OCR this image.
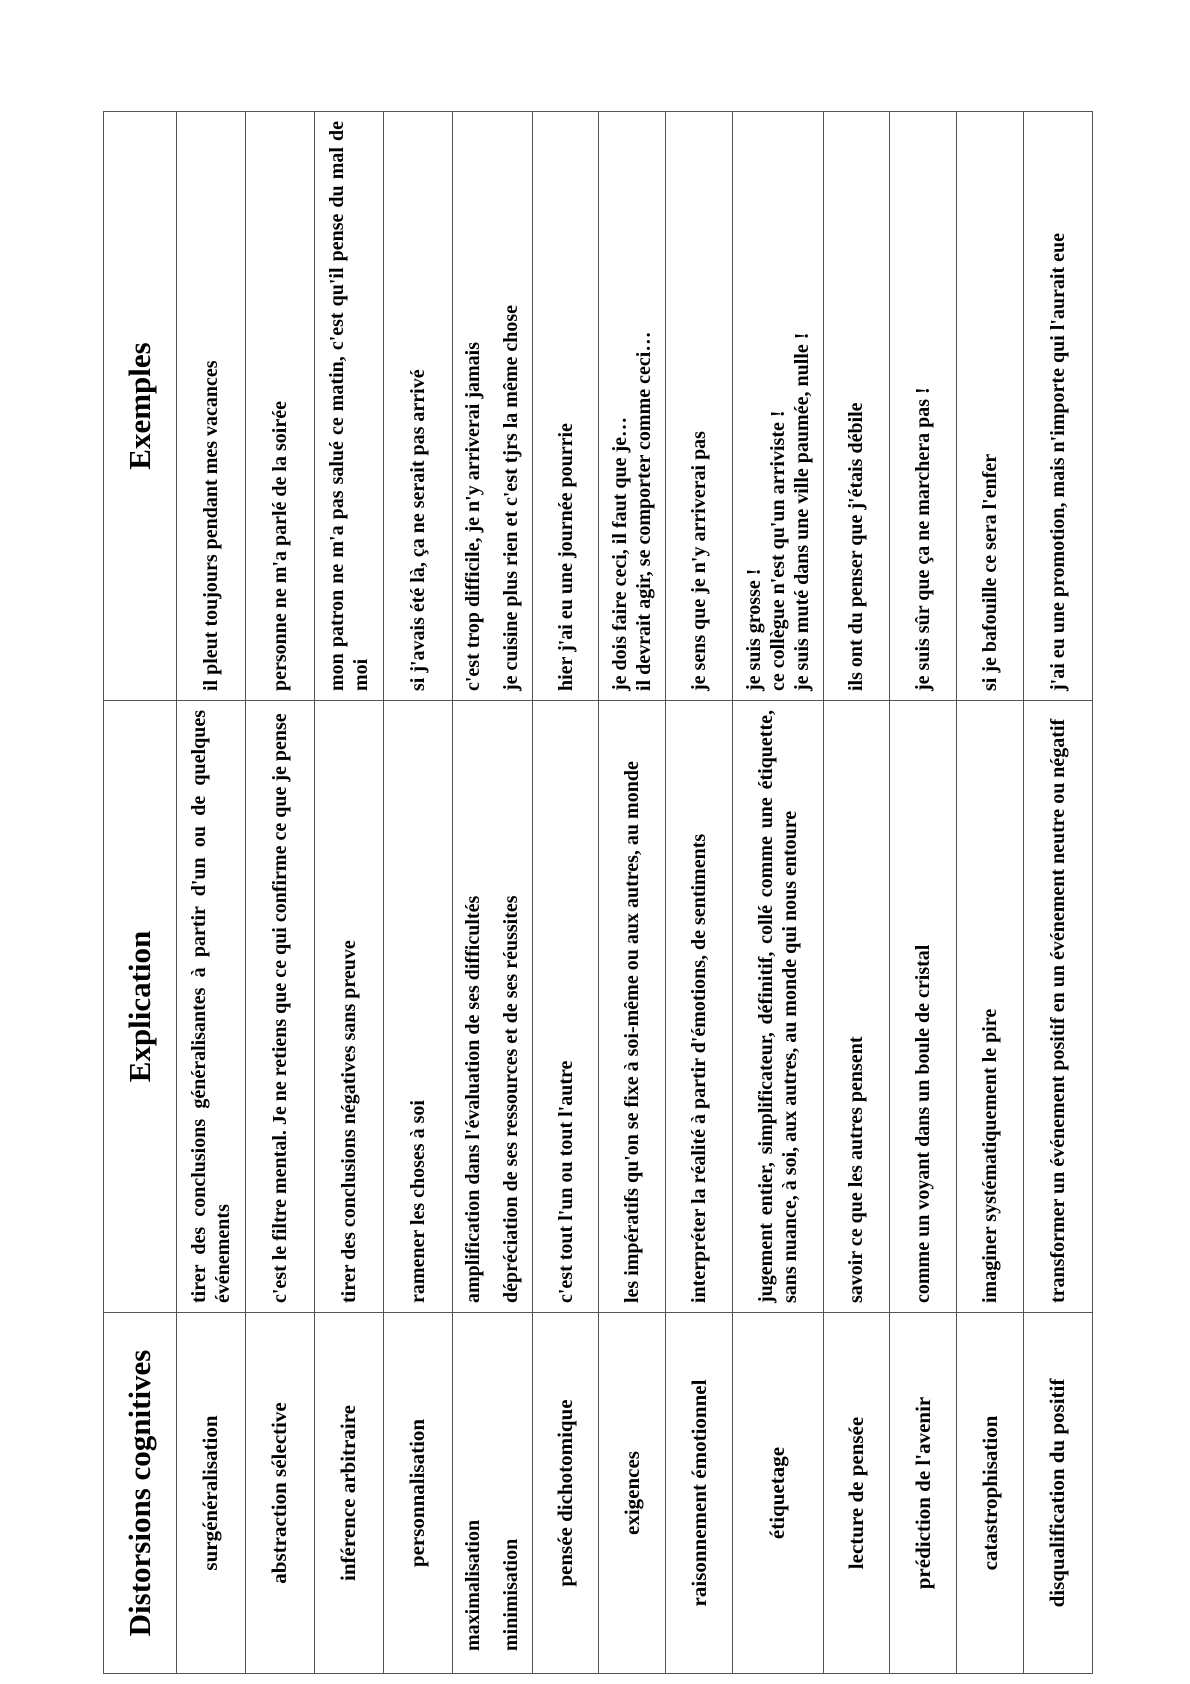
Distorsions cognitives	Explication	Exemples
surgénéralisation	tirer des conclusions généralisantes à partir d'un ou de quelques événements	il pleut toujours pendant mes vacances
abstraction sélective	c'est le filtre mental. Je ne retiens que ce qui confirme ce que je pense	personne ne m'a parlé de la soirée
inférence arbitraire	tirer des conclusions négatives sans preuve	mon patron ne m'a pas salué ce matin, c'est qu'il pense du mal de moi
personnalisation	ramener les choses à soi	si j'avais été là, ça ne serait pas arrivé

maximalisation minimisation	amplification dans l'évaluation de ses difficultés dépréciation de ses ressources et de ses réussites	c'est trop difficile, je n'y arriverai jamais je cuisine plus rien et c'est tjrs la même chose

pensée dichotomique	c'est tout l'un ou tout l'autre	hier j'ai eu une journée pourrie
exigences	les impératifs qu'on se fixe à soi-même ou aux autres, au monde	je dois faire ceci, il faut que je… il devrait agir, se comporter comme ceci…

raisonnement émotionnel	interpréter la réalité à partir d'émotions, de sentiments	je sens que je n'y arriverai pas
étiquetage	jugement entier, simplificateur, définitif, collé comme une étiquette, sans nuance, à soi, aux autres, au monde qui nous entoure	je suis grosse ! ce collègue n'est qu'un arriviste ! je suis muté dans une ville paumée, nulle !

lecture de pensée	savoir ce que les autres pensent	ils ont du penser que j'étais débile
prédiction de l'avenir	comme un voyant dans un boule de cristal	je suis sûr que ça ne marchera pas !
catastrophisation	imaginer systématiquement le pire	si je bafouille ce sera l'enfer
disqualification du positif	transformer un événement positif en un événement neutre ou négatif	j'ai eu une promotion, mais n'importe qui l'aurait eue
